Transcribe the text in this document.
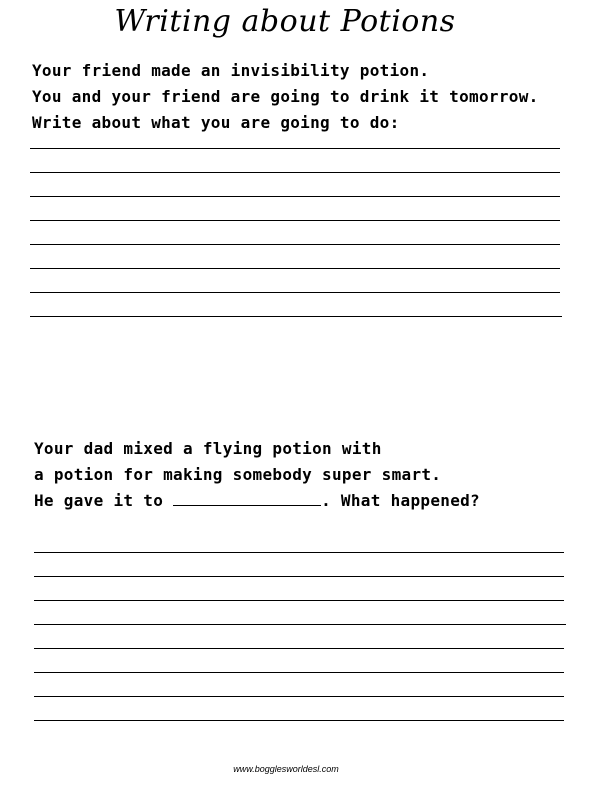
Writing about Potions
Your friend made an invisibility potion.
You and your friend are going to drink it tomorrow.
Write about what you are going to do:
Your dad mixed a flying potion with
a potion for making somebody super smart.
He gave it to	. What happened?
www.bogglesworldesl.com
